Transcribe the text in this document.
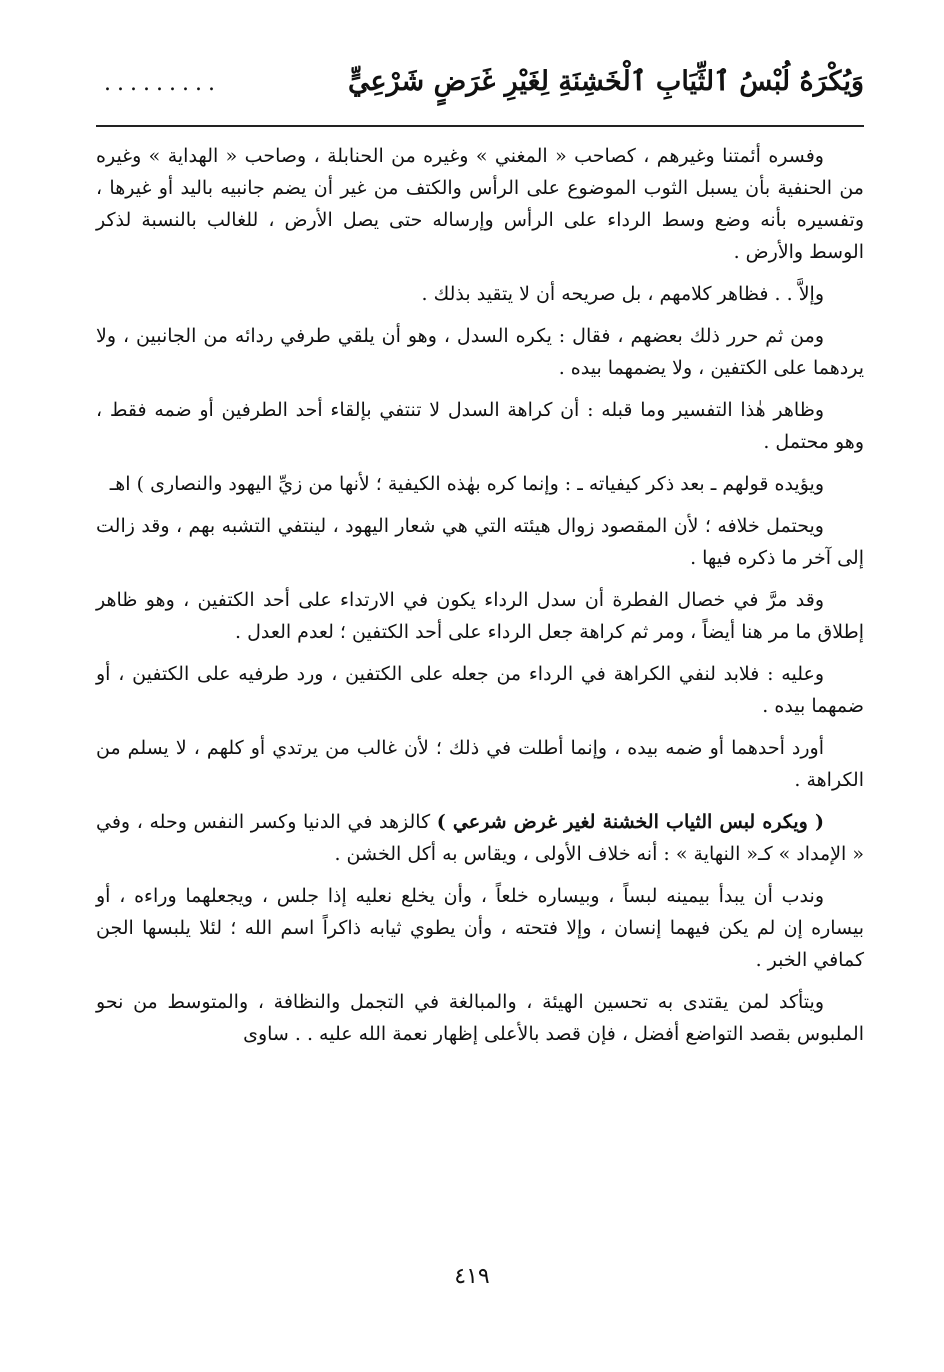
وَيُكْرَهُ لُبْسُ ٱلثِّيَابِ ٱلْخَشِنَةِ لِغَيْرِ غَرَضٍ شَرْعِيٍّ
.........

وفسره أئمتنا وغيرهم ، كصاحب « المغني » وغيره من الحنابلة ، وصاحب « الهداية » وغيره من الحنفية بأن يسبل الثوب الموضوع على الرأس والكتف من غير أن يضم جانبيه باليد أو غيرها ، وتفسيره بأنه وضع وسط الرداء على الرأس وإرساله حتى يصل الأرض ، للغالب بالنسبة لذكر الوسط والأرض .

وإلاَّ . . فظاهر كلامهم ، بل صريحه أن لا يتقيد بذلك .

ومن ثم حرر ذلك بعضهم ، فقال : يكره السدل ، وهو أن يلقي طرفي ردائه من الجانبين ، ولا يردهما على الكتفين ، ولا يضمهما بيده .

وظاهر هٰذا التفسير وما قبله : أن كراهة السدل لا تنتفي بإلقاء أحد الطرفين أو ضمه فقط ، وهو محتمل .

ويؤيده قولهم ـ بعد ذكر كيفياته ـ : وإنما كره بهٰذه الكيفية ؛ لأنها من زيِّ اليهود والنصارى ) اهـ

ويحتمل خلافه ؛ لأن المقصود زوال هيئته التي هي شعار اليهود ، لينتفي التشبه بهم ، وقد زالت إلى آخر ما ذكره فيها .

وقد مرَّ في خصال الفطرة أن سدل الرداء يكون في الارتداء على أحد الكتفين ، وهو ظاهر إطلاق ما مر هنا أيضاً ، ومر ثم كراهة جعل الرداء على أحد الكتفين ؛ لعدم العدل .

وعليه : فلابد لنفي الكراهة في الرداء من جعله على الكتفين ، ورد طرفيه على الكتفين ، أو ضمهما بيده .

أورد أحدهما أو ضمه بيده ، وإنما أطلت في ذلك ؛ لأن غالب من يرتدي أو كلهم ، لا يسلم من الكراهة .

( ويكره لبس الثياب الخشنة لغير غرض شرعي ) كالزهد في الدنيا وكسر النفس وحله ، وفي « الإمداد » كـ« النهاية » : أنه خلاف الأولى ، ويقاس به أكل الخشن .

وندب أن يبدأ بيمينه لبساً ، وبيساره خلعاً ، وأن يخلع نعليه إذا جلس ، ويجعلهما وراءه ، أو بيساره إن لم يكن فيهما إنسان ، وإلا فتحته ، وأن يطوي ثيابه ذاكراً اسم الله ؛ لئلا يلبسها الجن كمافي الخبر .

ويتأكد لمن يقتدى به تحسين الهيئة ، والمبالغة في التجمل والنظافة ، والمتوسط من نحو الملبوس بقصد التواضع أفضل ، فإن قصد بالأعلى إظهار نعمة الله عليه . . ساوى

٤١٩
